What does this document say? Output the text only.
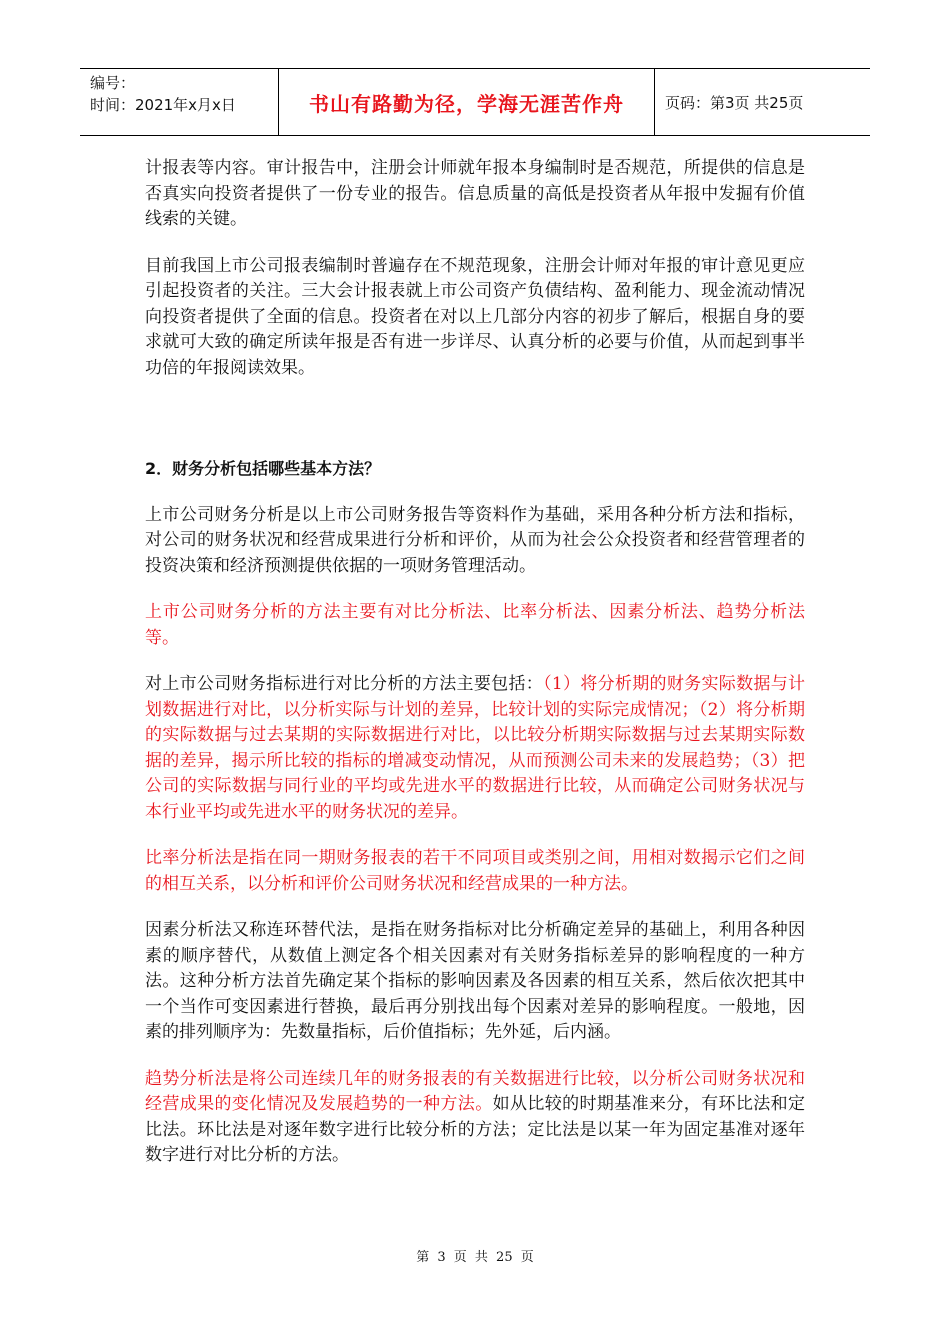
编号：
时间：2021年x月x日	书山有路勤为径，学海无涯苦作舟	页码：第3页 共25页

计报表等内容。审计报告中，注册会计师就年报本身编制时是否规范，所提供的信息是否真实向投资者提供了一份专业的报告。信息质量的高低是投资者从年报中发掘有价值线索的关键。

目前我国上市公司报表编制时普遍存在不规范现象，注册会计师对年报的审计意见更应引起投资者的关注。三大会计报表就上市公司资产负债结构、盈利能力、现金流动情况向投资者提供了全面的信息。投资者在对以上几部分内容的初步了解后，根据自身的要求就可大致的确定所读年报是否有进一步详尽、认真分析的必要与价值，从而起到事半功倍的年报阅读效果。

2．财务分析包括哪些基本方法？

上市公司财务分析是以上市公司财务报告等资料作为基础，采用各种分析方法和指标，对公司的财务状况和经营成果进行分析和评价，从而为社会公众投资者和经营管理者的投资决策和经济预测提供依据的一项财务管理活动。

上市公司财务分析的方法主要有对比分析法、比率分析法、因素分析法、趋势分析法等。

对上市公司财务指标进行对比分析的方法主要包括：（1）将分析期的财务实际数据与计划数据进行对比，以分析实际与计划的差异，比较计划的实际完成情况；（2）将分析期的实际数据与过去某期的实际数据进行对比，以比较分析期实际数据与过去某期实际数据的差异，揭示所比较的指标的增减变动情况，从而预测公司未来的发展趋势；（3）把公司的实际数据与同行业的平均或先进水平的数据进行比较，从而确定公司财务状况与本行业平均或先进水平的财务状况的差异。

比率分析法是指在同一期财务报表的若干不同项目或类别之间，用相对数揭示它们之间的相互关系，以分析和评价公司财务状况和经营成果的一种方法。

因素分析法又称连环替代法，是指在财务指标对比分析确定差异的基础上，利用各种因素的顺序替代，从数值上测定各个相关因素对有关财务指标差异的影响程度的一种方法。这种分析方法首先确定某个指标的影响因素及各因素的相互关系，然后依次把其中一个当作可变因素进行替换，最后再分别找出每个因素对差异的影响程度。一般地，因素的排列顺序为：先数量指标，后价值指标；先外延，后内涵。

趋势分析法是将公司连续几年的财务报表的有关数据进行比较，以分析公司财务状况和经营成果的变化情况及发展趋势的一种方法。如从比较的时期基准来分，有环比法和定比法。环比法是对逐年数字进行比较分析的方法；定比法是以某一年为固定基准对逐年数字进行对比分析的方法。

第 3 页 共 25 页
